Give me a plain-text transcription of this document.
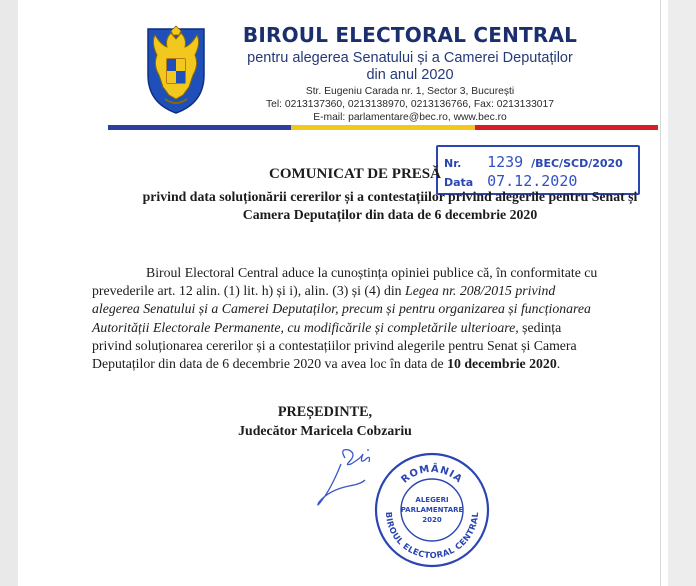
BIROUL ELECTORAL CENTRAL
pentru alegerea Senatului și a Camerei Deputaților
din anul 2020
Str. Eugeniu Carada nr. 1, Sector 3, București
Tel: 0213137360, 0213138970, 0213136766, Fax: 0213133017
E-mail: parlamentare@bec.ro, www.bec.ro
Nr. 1239 /BEC/SCD/2020
Data 07.12.2020
COMUNICAT DE PRESĂ
privind data soluționării cererilor și a contestațiilor privind alegerile pentru Senat și
Camera Deputaților din data de 6 decembrie 2020
Biroul Electoral Central aduce la cunoștința opiniei publice că, în conformitate cu
prevederile art. 12 alin. (1) lit. h) și i), alin. (3) și (4) din Legea nr. 208/2015 privind
alegerea Senatului și a Camerei Deputaților, precum și pentru organizarea și funcționarea
Autorității Electorale Permanente, cu modificările și completările ulterioare, ședința
privind soluționarea cererilor și a contestațiilor privind alegerile pentru Senat și Camera
Deputaților din data de 6 decembrie 2020 va avea loc în data de 10 decembrie 2020.
PREȘEDINTE,
Judecător Maricela Cobzariu
ROMÂNIA
BIROUL ELECTORAL CENTRAL
ALEGERI
PARLAMENTARE
2020
